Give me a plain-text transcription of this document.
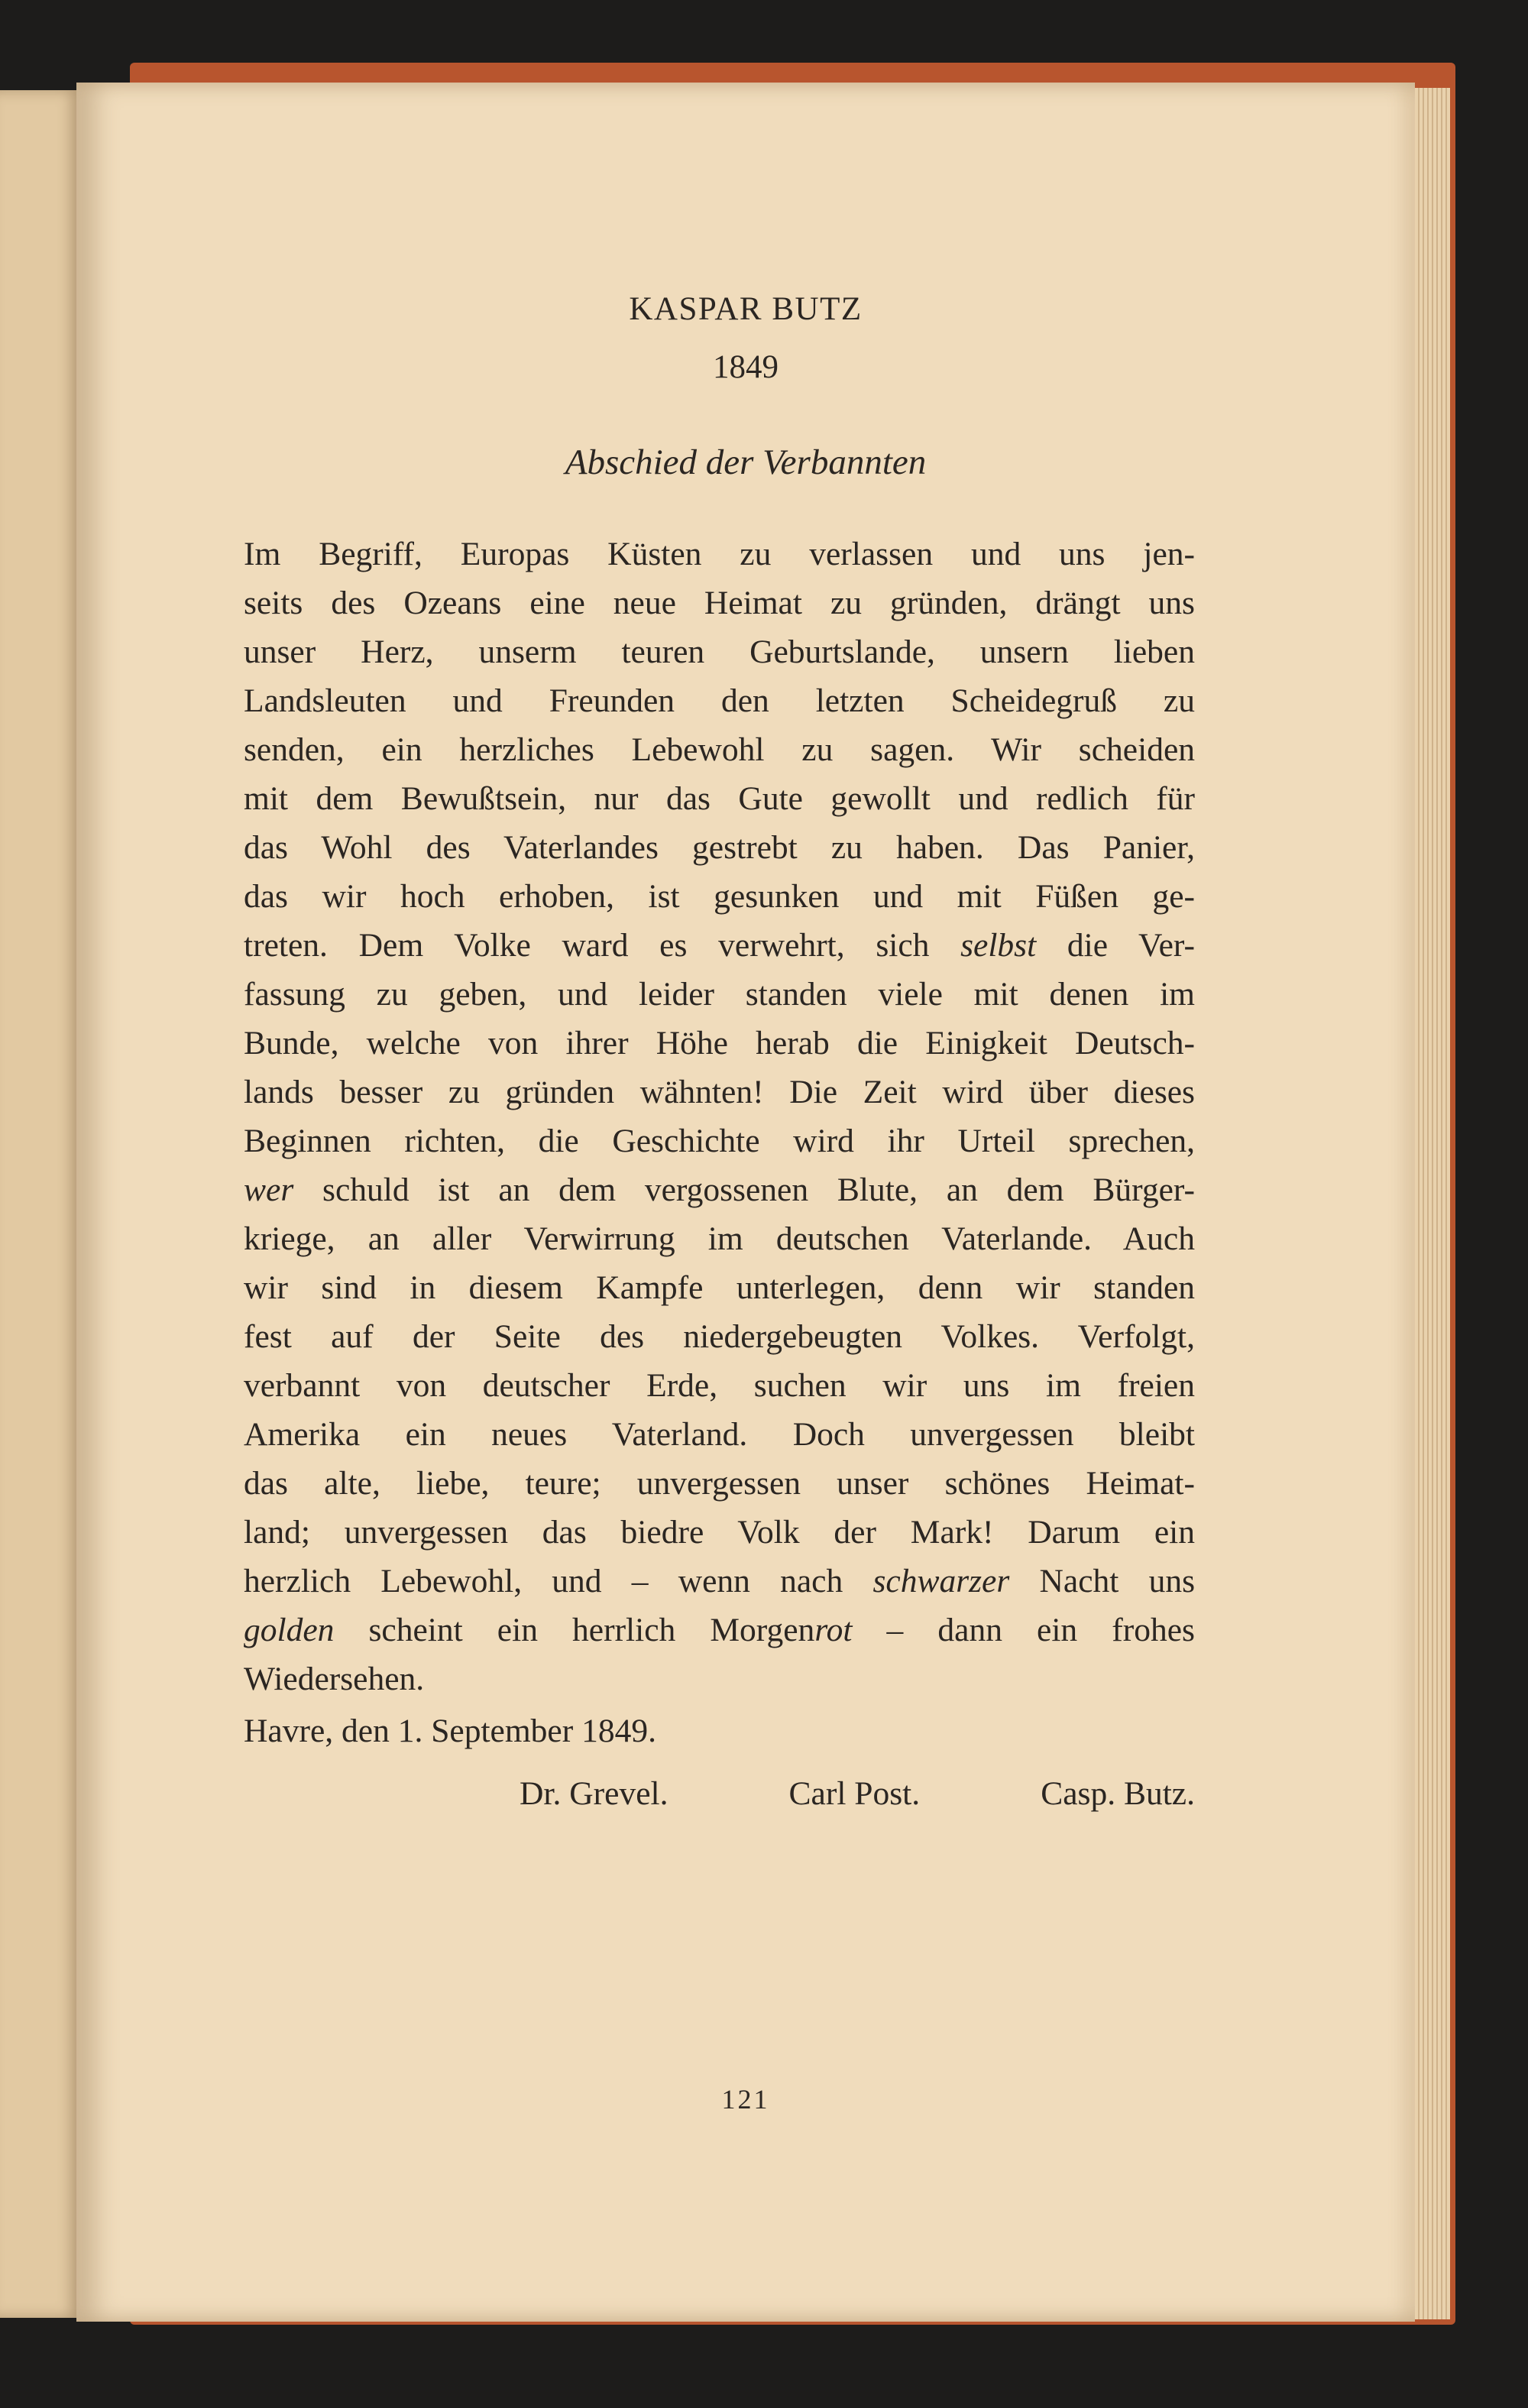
KASPAR BUTZ
1849
Abschied der Verbannten
Im Begriff, Europas Küsten zu verlassen und uns jen-
seits des Ozeans eine neue Heimat zu gründen, drängt uns
unser Herz, unserm teuren Geburtslande, unsern lieben
Landsleuten und Freunden den letzten Scheidegruß zu
senden, ein herzliches Lebewohl zu sagen. Wir scheiden
mit dem Bewußtsein, nur das Gute gewollt und redlich für
das Wohl des Vaterlandes gestrebt zu haben. Das Panier,
das wir hoch erhoben, ist gesunken und mit Füßen ge-
treten. Dem Volke ward es verwehrt, sich selbst die Ver-
fassung zu geben, und leider standen viele mit denen im
Bunde, welche von ihrer Höhe herab die Einigkeit Deutsch-
lands besser zu gründen wähnten! Die Zeit wird über dieses
Beginnen richten, die Geschichte wird ihr Urteil sprechen,
wer schuld ist an dem vergossenen Blute, an dem Bürger-
kriege, an aller Verwirrung im deutschen Vaterlande. Auch
wir sind in diesem Kampfe unterlegen, denn wir standen
fest auf der Seite des niedergebeugten Volkes. Verfolgt,
verbannt von deutscher Erde, suchen wir uns im freien
Amerika ein neues Vaterland. Doch unvergessen bleibt
das alte, liebe, teure; unvergessen unser schönes Heimat-
land; unvergessen das biedre Volk der Mark! Darum ein
herzlich Lebewohl, und – wenn nach schwarzer Nacht uns
golden scheint ein herrlich Morgenrot – dann ein frohes
Wiedersehen.
Havre, den 1. September 1849.
Dr. Grevel.	Carl Post.	Casp. Butz.
121
